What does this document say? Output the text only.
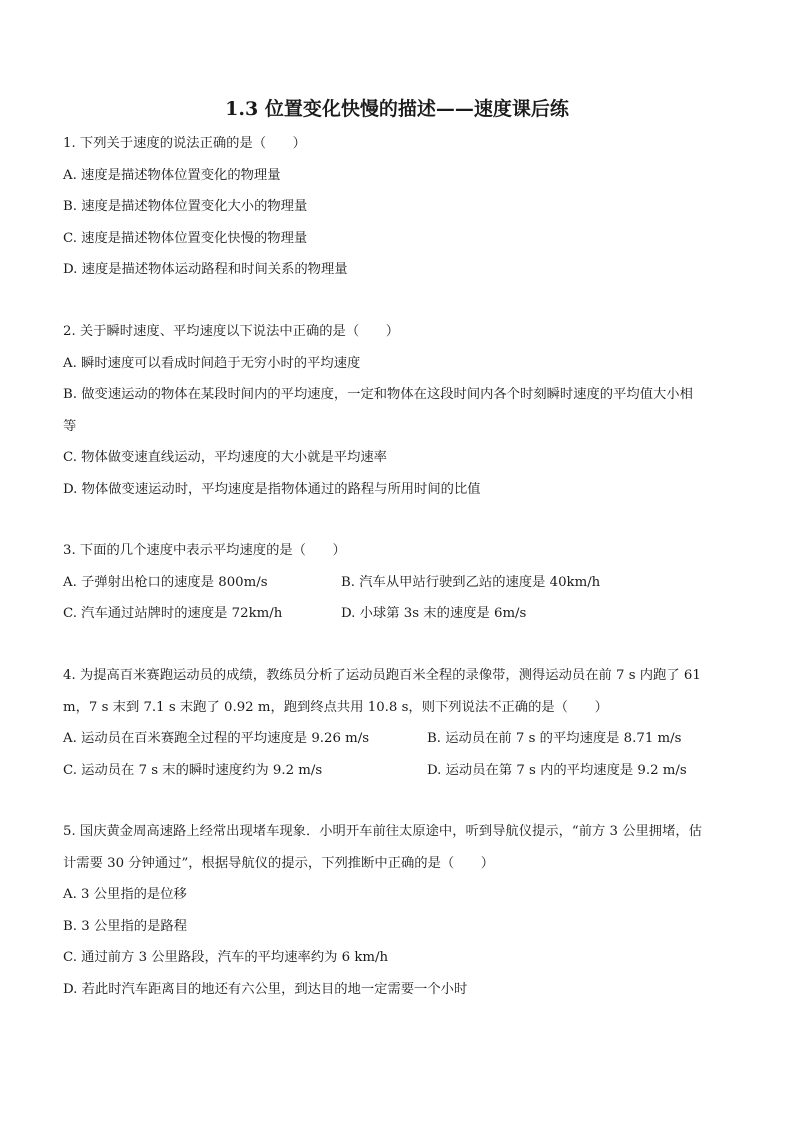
1.3 位置变化快慢的描述——速度课后练
1. 下列关于速度的说法正确的是（　　）
A. 速度是描述物体位置变化的物理量
B. 速度是描述物体位置变化大小的物理量
C. 速度是描述物体位置变化快慢的物理量
D. 速度是描述物体运动路程和时间关系的物理量
2. 关于瞬时速度、平均速度以下说法中正确的是（　　）
A. 瞬时速度可以看成时间趋于无穷小时的平均速度
B. 做变速运动的物体在某段时间内的平均速度，一定和物体在这段时间内各个时刻瞬时速度的平均值大小相
等
C. 物体做变速直线运动，平均速度的大小就是平均速率
D. 物体做变速运动时，平均速度是指物体通过的路程与所用时间的比值
3. 下面的几个速度中表示平均速度的是（　　）
A. 子弹射出枪口的速度是 800m/s	B. 汽车从甲站行驶到乙站的速度是 40km/h
C. 汽车通过站牌时的速度是 72km/h	D. 小球第 3s 末的速度是 6m/s
4. 为提高百米赛跑运动员的成绩，教练员分析了运动员跑百米全程的录像带，测得运动员在前 7 s 内跑了 61
m，7 s 末到 7.1 s 末跑了 0.92 m，跑到终点共用 10.8 s，则下列说法不正确的是（　　）
A. 运动员在百米赛跑全过程的平均速度是 9.26 m/s	B. 运动员在前 7 s 的平均速度是 8.71 m/s
C. 运动员在 7 s 末的瞬时速度约为 9.2 m/s	D. 运动员在第 7 s 内的平均速度是 9.2 m/s
5. 国庆黄金周高速路上经常出现堵车现象．小明开车前往太原途中，听到导航仪提示，“前方 3 公里拥堵，估
计需要 30 分钟通过”，根据导航仪的提示，下列推断中正确的是（　　）
A. 3 公里指的是位移
B. 3 公里指的是路程
C. 通过前方 3 公里路段，汽车的平均速率约为 6 km/h
D. 若此时汽车距离目的地还有六公里，到达目的地一定需要一个小时
